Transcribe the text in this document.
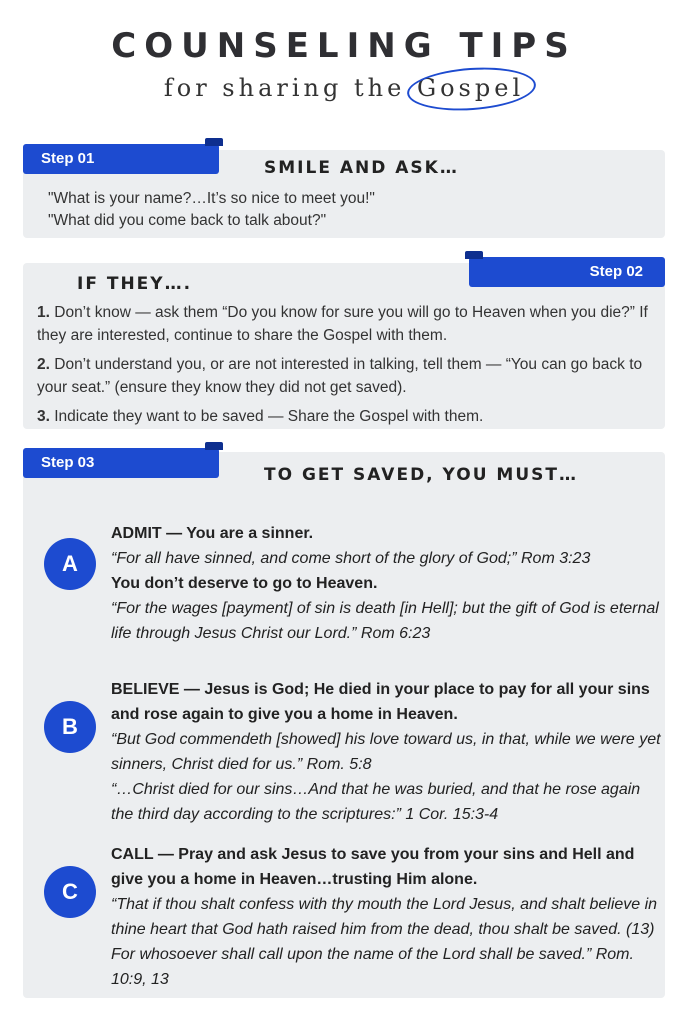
COUNSELING TIPS
for sharing the Gospel
Step 01	SMILE AND ASK…
"What is your name?…It’s so nice to meet you!"
"What did you come back to talk about?"
Step 02
IF THEY….

1. Don’t know — ask them “Do you know for sure you will go to Heaven when you die?” If they are interested, continue to share the Gospel with them.

2. Don’t understand you, or are not interested in talking, tell them — “You can go back to your seat.” (ensure they know they did not get saved).

3. Indicate they want to be saved — Share the Gospel with them.

Step 03
TO GET SAVED, YOU MUST…
A
ADMIT — You are a sinner.
“For all have sinned, and come short of the glory of God;” Rom 3:23
You don’t deserve to go to Heaven.
“For the wages [payment] of sin is death [in Hell]; but the gift of God is eternal life through Jesus Christ our Lord.” Rom 6:23
B
BELIEVE — Jesus is God; He died in your place to pay for all your sins and rose again to give you a home in Heaven.
“But God commendeth [showed] his love toward us, in that, while we were yet sinners, Christ died for us.” Rom. 5:8
“…Christ died for our sins…And that he was buried, and that he rose again the third day according to the scriptures:” 1 Cor. 15:3-4
C
CALL — Pray and ask Jesus to save you from your sins and Hell and give you a home in Heaven…trusting Him alone.
“That if thou shalt confess with thy mouth the Lord Jesus, and shalt believe in thine heart that God hath raised him from the dead, thou shalt be saved. (13) For whosoever shall call upon the name of the Lord shall be saved.” Rom. 10:9, 13
